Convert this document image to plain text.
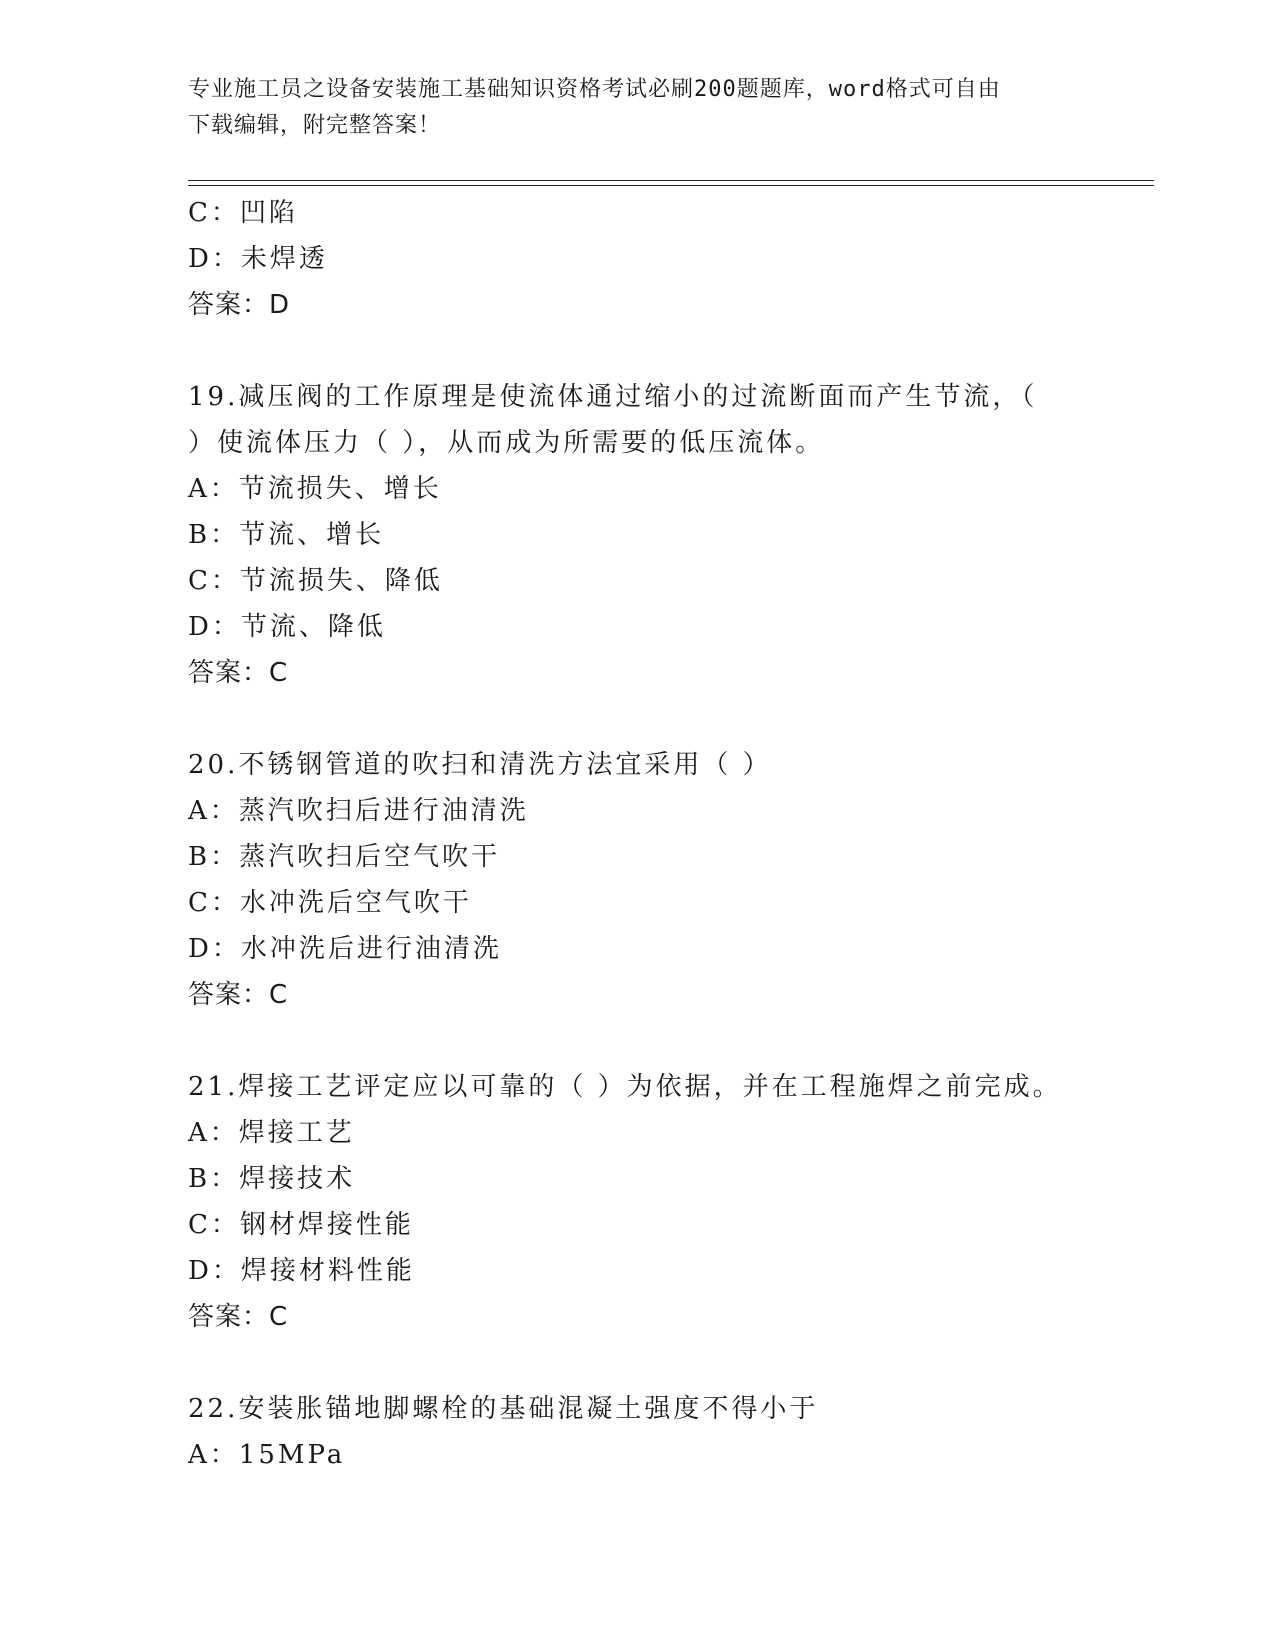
专业施工员之设备安装施工基础知识资格考试必刷200题题库，word格式可自由
下载编辑，附完整答案！
C：凹陷
D：未焊透
答案：D
19.减压阀的工作原理是使流体通过缩小的过流断面而产生节流，（
）使流体压力（ ），从而成为所需要的低压流体。
A：节流损失、增长
B：节流、增长
C：节流损失、降低
D：节流、降低
答案：C
20.不锈钢管道的吹扫和清洗方法宜采用（ ）
A：蒸汽吹扫后进行油清洗
B：蒸汽吹扫后空气吹干
C：水冲洗后空气吹干
D：水冲洗后进行油清洗
答案：C
21.焊接工艺评定应以可靠的（ ）为依据，并在工程施焊之前完成。
A：焊接工艺
B：焊接技术
C：钢材焊接性能
D：焊接材料性能
答案：C
22.安装胀锚地脚螺栓的基础混凝土强度不得小于
A：15MPa
